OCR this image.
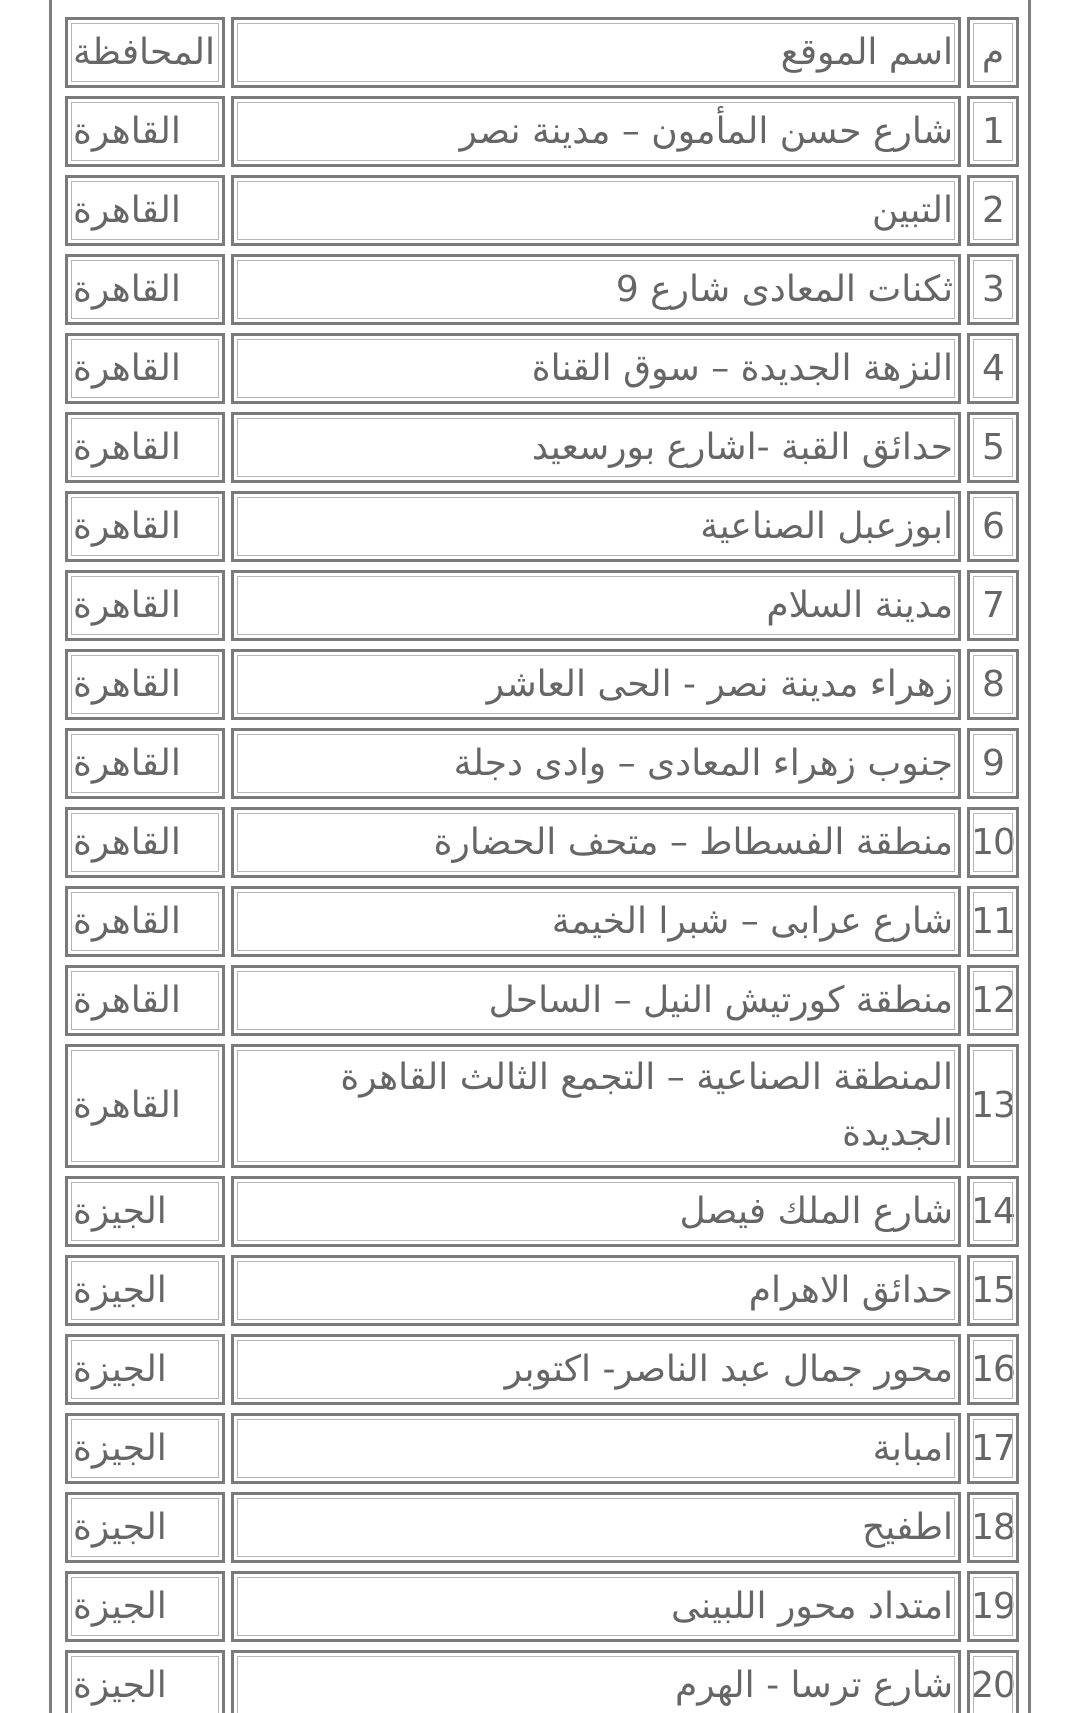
م	اسم الموقع	المحافظة
1	شارع حسن المأمون – مدينة نصر	القاهرة
2	التبين	القاهرة
3	ثكنات المعادى شارع 9	القاهرة
4	النزهة الجديدة – سوق القناة	القاهرة
5	حدائق القبة -اشارع بورسعيد	القاهرة
6	ابوزعبل الصناعية	القاهرة
7	مدينة السلام	القاهرة
8	زهراء مدينة نصر - الحى العاشر	القاهرة
9	جنوب زهراء المعادى – وادى دجلة	القاهرة
10	منطقة الفسطاط – متحف الحضارة	القاهرة
11	شارع عرابى – شبرا الخيمة	القاهرة
12	منطقة كورتيش النيل – الساحل	القاهرة
13	المنطقة الصناعية – التجمع الثالث القاهرة الجديدة	القاهرة
14	شارع الملك فيصل	الجيزة
15	حدائق الاهرام	الجيزة
16	محور جمال عبد الناصر- اكتوبر	الجيزة
17	امبابة	الجيزة
18	اطفيح	الجيزة
19	امتداد محور اللبينى	الجيزة
20	شارع ترسا - الهرم	الجيزة
